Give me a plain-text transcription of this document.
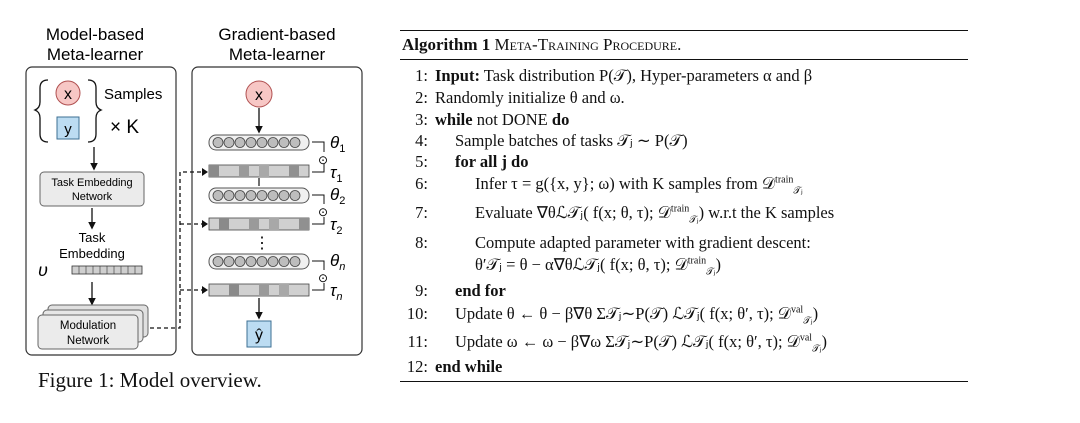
Model-based
Meta-learner
Gradient-based
Meta-learner
x
y
Samples
× K
Task Embedding
Network
Task
Embedding
υ
Modulation
Network
x
⊙
$\theta_1$
$\tau_1$
⊙
$\theta_2$
$\tau_2$
⋮
⊙
$\theta_n$
$\tau_n$
ŷ
Figure 1: Model overview.
Algorithm 1 Meta-Training Procedure.
1: Input: Task distribution P(𝒯), Hyper-parameters α and β
2: Randomly initialize θ and ω.
3: while not DONE do
4: Sample batches of tasks 𝒯ⱼ ∼ P(𝒯)
5: for all j do
6:	Infer τ = g({x, y}; ω) with K samples from 𝒟$^{train}_{𝒯ⱼ}$
7:	Evaluate ∇θℒ𝒯ⱼ( f(x; θ, τ); 𝒟$^{train}_{𝒯ⱼ}$) w.r.t the K samples
8:	Compute adapted parameter with gradient descent:
θ′𝒯ⱼ = θ − α∇θℒ𝒯ⱼ( f(x; θ, τ); 𝒟$^{train}_{𝒯ⱼ}$)
9: end for
10: Update θ ← θ − β∇θ Σ𝒯ⱼ∼P(𝒯) ℒ𝒯ⱼ( f(x; θ′, τ); 𝒟$^{val}_{𝒯ⱼ}$)
11: Update ω ← ω − β∇ω Σ𝒯ⱼ∼P(𝒯) ℒ𝒯ⱼ( f(x; θ′, τ); 𝒟$^{val}_{𝒯ⱼ}$)
12: end while
